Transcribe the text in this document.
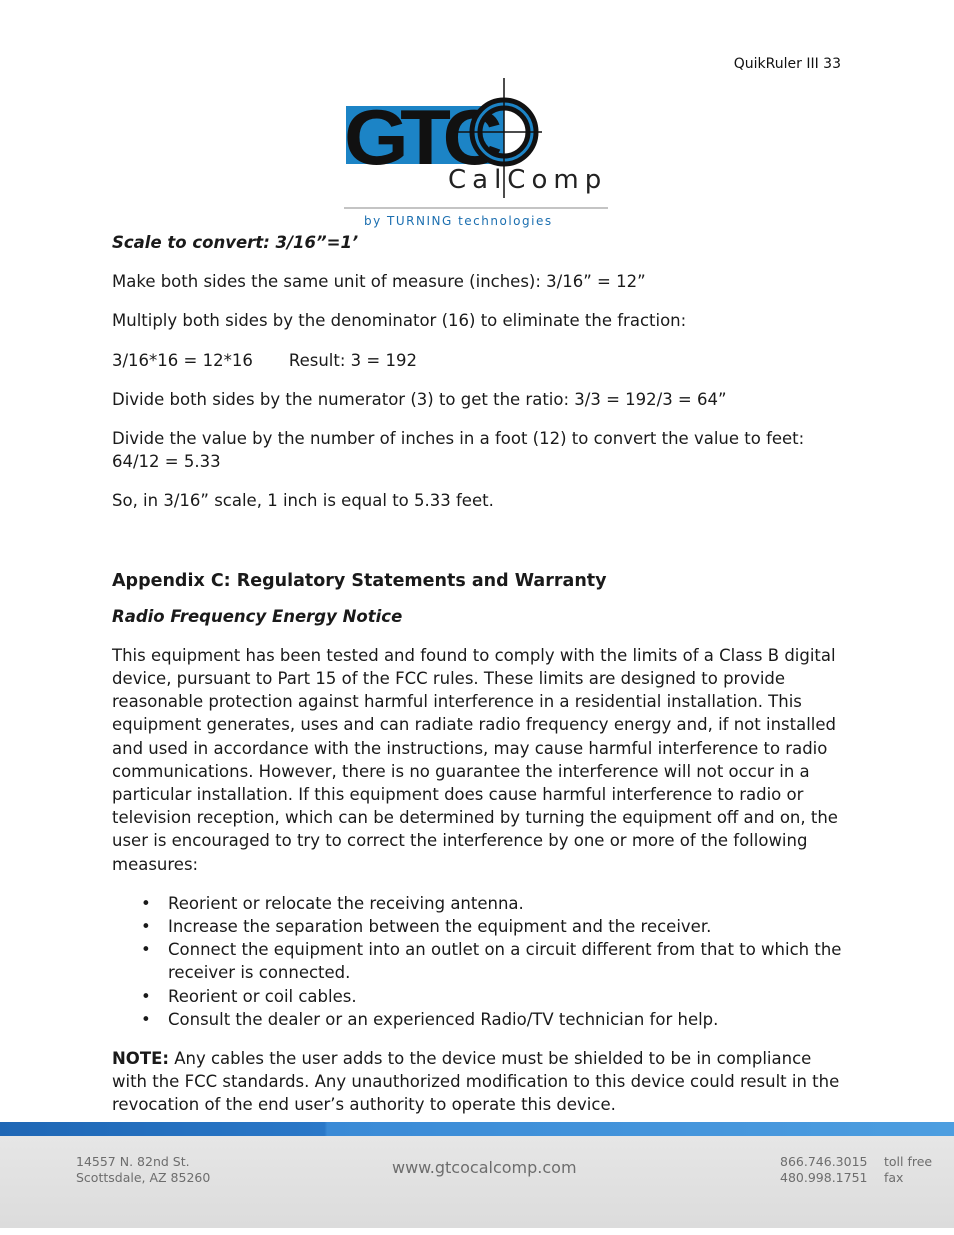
QuikRuler III 33
GTC
CalComp
by TURNING technologies

Scale to convert: 3/16”=1’

Make both sides the same unit of measure (inches): 3/16” = 12”

Multiply both sides by the denominator (16) to eliminate the fraction:

3/16*16 = 12*16 Result: 3 = 192

Divide both sides by the numerator (3) to get the ratio: 3/3 = 192/3 = 64”

Divide the value by the number of inches in a foot (12) to convert the value to feet: 64/12 = 5.33

So, in 3/16” scale, 1 inch is equal to 5.33 feet.

Appendix C: Regulatory Statements and Warranty

Radio Frequency Energy Notice

This equipment has been tested and found to comply with the limits of a Class B digital device, pursuant to Part 15 of the FCC rules. These limits are designed to provide reasonable protection against harmful interference in a residential installation. This equipment generates, uses and can radiate radio frequency energy and, if not installed and used in accordance with the instructions, may cause harmful interference to radio communications. However, there is no guarantee the interference will not occur in a particular installation. If this equipment does cause harmful interference to radio or television reception, which can be determined by turning the equipment off and on, the user is encouraged to try to correct the interference by one or more of the following measures:

• Reorient or relocate the receiving antenna.
• Increase the separation between the equipment and the receiver.
• Connect the equipment into an outlet on a circuit different from that to which the receiver is connected.
• Reorient or coil cables.
• Consult the dealer or an experienced Radio/TV technician for help.

NOTE: Any cables the user adds to the device must be shielded to be in compliance with the FCC standards. Any unauthorized modification to this device could result in the revocation of the end user’s authority to operate this device.

14557 N. 82nd St.
Scottsdale, AZ 85260
www.gtcocalcomp.com	866.746.3015
480.998.1751
toll free
fax
